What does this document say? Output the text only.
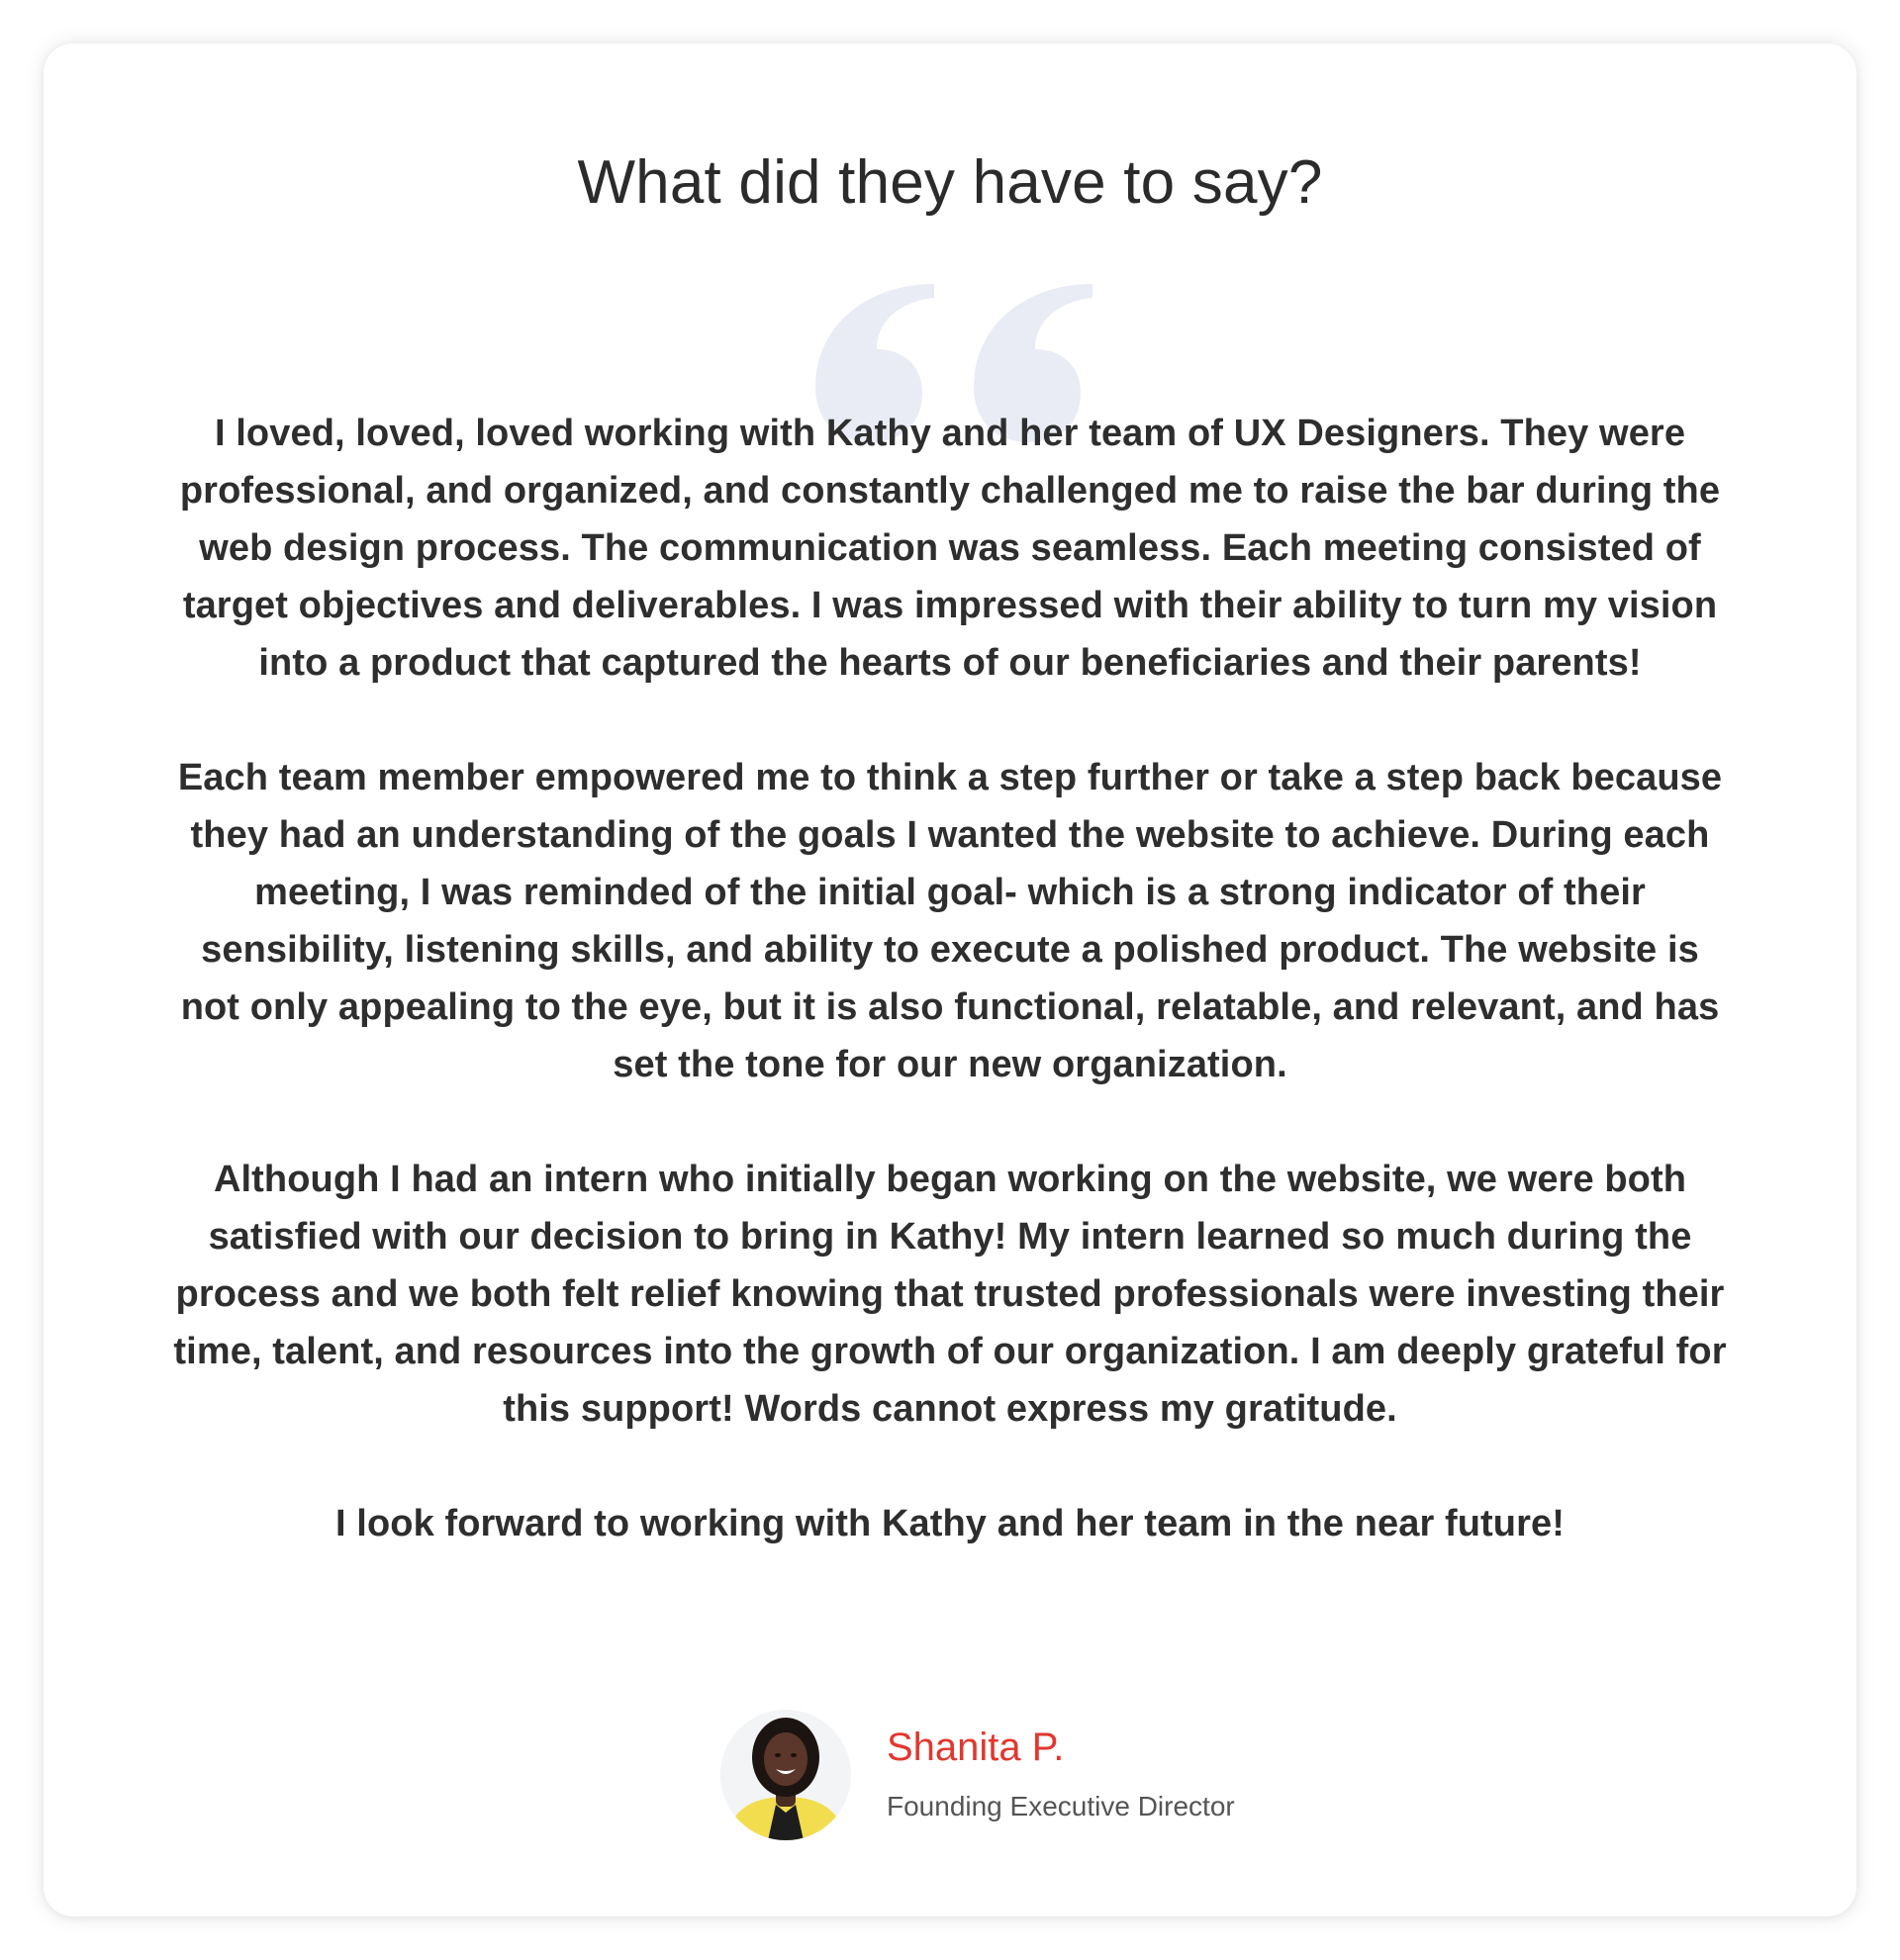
What did they have to say?

I loved, loved, loved working with Kathy and her team of UX Designers. They were professional, and organized, and constantly challenged me to raise the bar during the web design process. The communication was seamless. Each meeting consisted of target objectives and deliverables. I was impressed with their ability to turn my vision into a product that captured the hearts of our beneficiaries and their parents!

Each team member empowered me to think a step further or take a step back because they had an understanding of the goals I wanted the website to achieve. During each meeting, I was reminded of the initial goal- which is a strong indicator of their sensibility, listening skills, and ability to execute a polished product. The website is not only appealing to the eye, but it is also functional, relatable, and relevant, and has set the tone for our new organization.

Although I had an intern who initially began working on the website, we were both satisfied with our decision to bring in Kathy! My intern learned so much during the process and we both felt relief knowing that trusted professionals were investing their time, talent, and resources into the growth of our organization. I am deeply grateful for this support! Words cannot express my gratitude.

I look forward to working with Kathy and her team in the near future!

Shanita P.
Founding Executive Director
